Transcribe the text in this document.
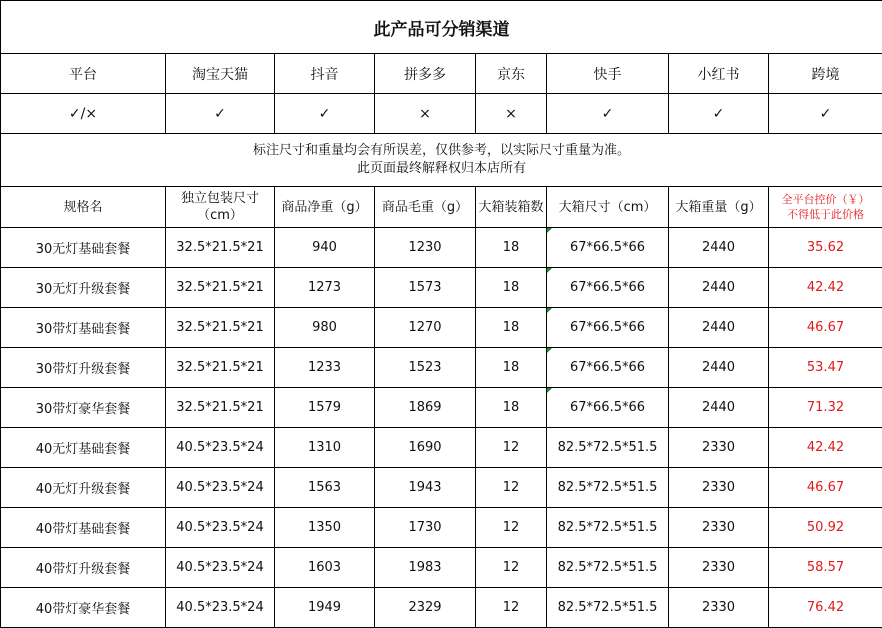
此产品可分销渠道							
平台	淘宝天猫	抖音	拼多多	京东	快手	小红书	跨境
✓/×	✓	✓	×	×	✓	✓	✓

标注尺寸和重量均会有所误差，仅供参考，以实际尺寸重量为准。
此页面最终解释权归本店所有							

规格名	独立包装尺寸（cm）	商品净重（g）	商品毛重（g）	大箱装箱数	大箱尺寸（cm）	大箱重量（g）	全平台控价（￥）
不得低于此价格

30无灯基础套餐	32.5*21.5*21	940	1230	18	67*66.5*66	2440	35.62
30无灯升级套餐	32.5*21.5*21	1273	1573	18	67*66.5*66	2440	42.42
30带灯基础套餐	32.5*21.5*21	980	1270	18	67*66.5*66	2440	46.67
30带灯升级套餐	32.5*21.5*21	1233	1523	18	67*66.5*66	2440	53.47
30带灯豪华套餐	32.5*21.5*21	1579	1869	18	67*66.5*66	2440	71.32
40无灯基础套餐	40.5*23.5*24	1310	1690	12	82.5*72.5*51.5	2330	42.42
40无灯升级套餐	40.5*23.5*24	1563	1943	12	82.5*72.5*51.5	2330	46.67
40带灯基础套餐	40.5*23.5*24	1350	1730	12	82.5*72.5*51.5	2330	50.92
40带灯升级套餐	40.5*23.5*24	1603	1983	12	82.5*72.5*51.5	2330	58.57
40带灯豪华套餐	40.5*23.5*24	1949	2329	12	82.5*72.5*51.5	2330	76.42
